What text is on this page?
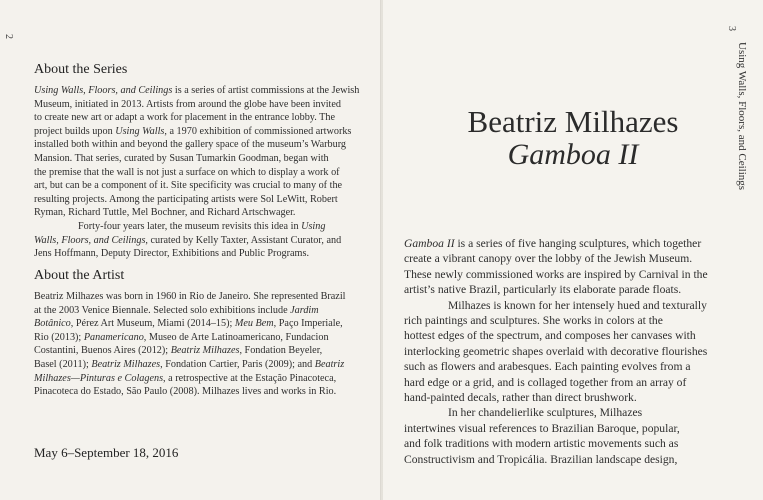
2
About the Series
Using Walls, Floors, and Ceilings is a series of artist commissions at the Jewish
Museum, initiated in 2013. Artists from around the globe have been invited
to create new art or adapt a work for placement in the entrance lobby. The
project builds upon Using Walls, a 1970 exhibition of commissioned artworks
installed both within and beyond the gallery space of the museum’s Warburg
Mansion. That series, curated by Susan Tumarkin Goodman, began with
the premise that the wall is not just a surface on which to display a work of
art, but can be a component of it. Site specificity was crucial to many of the
resulting projects. Among the participating artists were Sol LeWitt, Robert
Ryman, Richard Tuttle, Mel Bochner, and Richard Artschwager.
Forty-four years later, the museum revisits this idea in Using
Walls, Floors, and Ceilings, curated by Kelly Taxter, Assistant Curator, and
Jens Hoffmann, Deputy Director, Exhibitions and Public Programs.
About the Artist
Beatriz Milhazes was born in 1960 in Rio de Janeiro. She represented Brazil
at the 2003 Venice Biennale. Selected solo exhibitions include Jardim
Botânico, Pérez Art Museum, Miami (2014–15); Meu Bem, Paço Imperiale,
Rio (2013); Panamericano, Museo de Arte Latinoamericano, Fundacion
Costantini, Buenos Aires (2012); Beatriz Milhazes, Fondation Beyeler,
Basel (2011); Beatriz Milhazes, Fondation Cartier, Paris (2009); and Beatriz
Milhazes—Pinturas e Colagens, a retrospective at the Estação Pinacoteca,
Pinacoteca do Estado, São Paulo (2008). Milhazes lives and works in Rio.
May 6–September 18, 2016
3
Using Walls, Floors, and Ceilings
Beatriz Milhazes
Gamboa II
Gamboa II is a series of five hanging sculptures, which together
create a vibrant canopy over the lobby of the Jewish Museum.
These newly commissioned works are inspired by Carnival in the
artist’s native Brazil, particularly its elaborate parade floats.
Milhazes is known for her intensely hued and texturally
rich paintings and sculptures. She works in colors at the
hottest edges of the spectrum, and composes her canvases with
interlocking geometric shapes overlaid with decorative flourishes
such as flowers and arabesques. Each painting evolves from a
hard edge or a grid, and is collaged together from an array of
hand-painted decals, rather than direct brushwork.
In her chandelierlike sculptures, Milhazes
intertwines visual references to Brazilian Baroque, popular,
and folk traditions with modern artistic movements such as
Constructivism and Tropicália. Brazilian landscape design,
